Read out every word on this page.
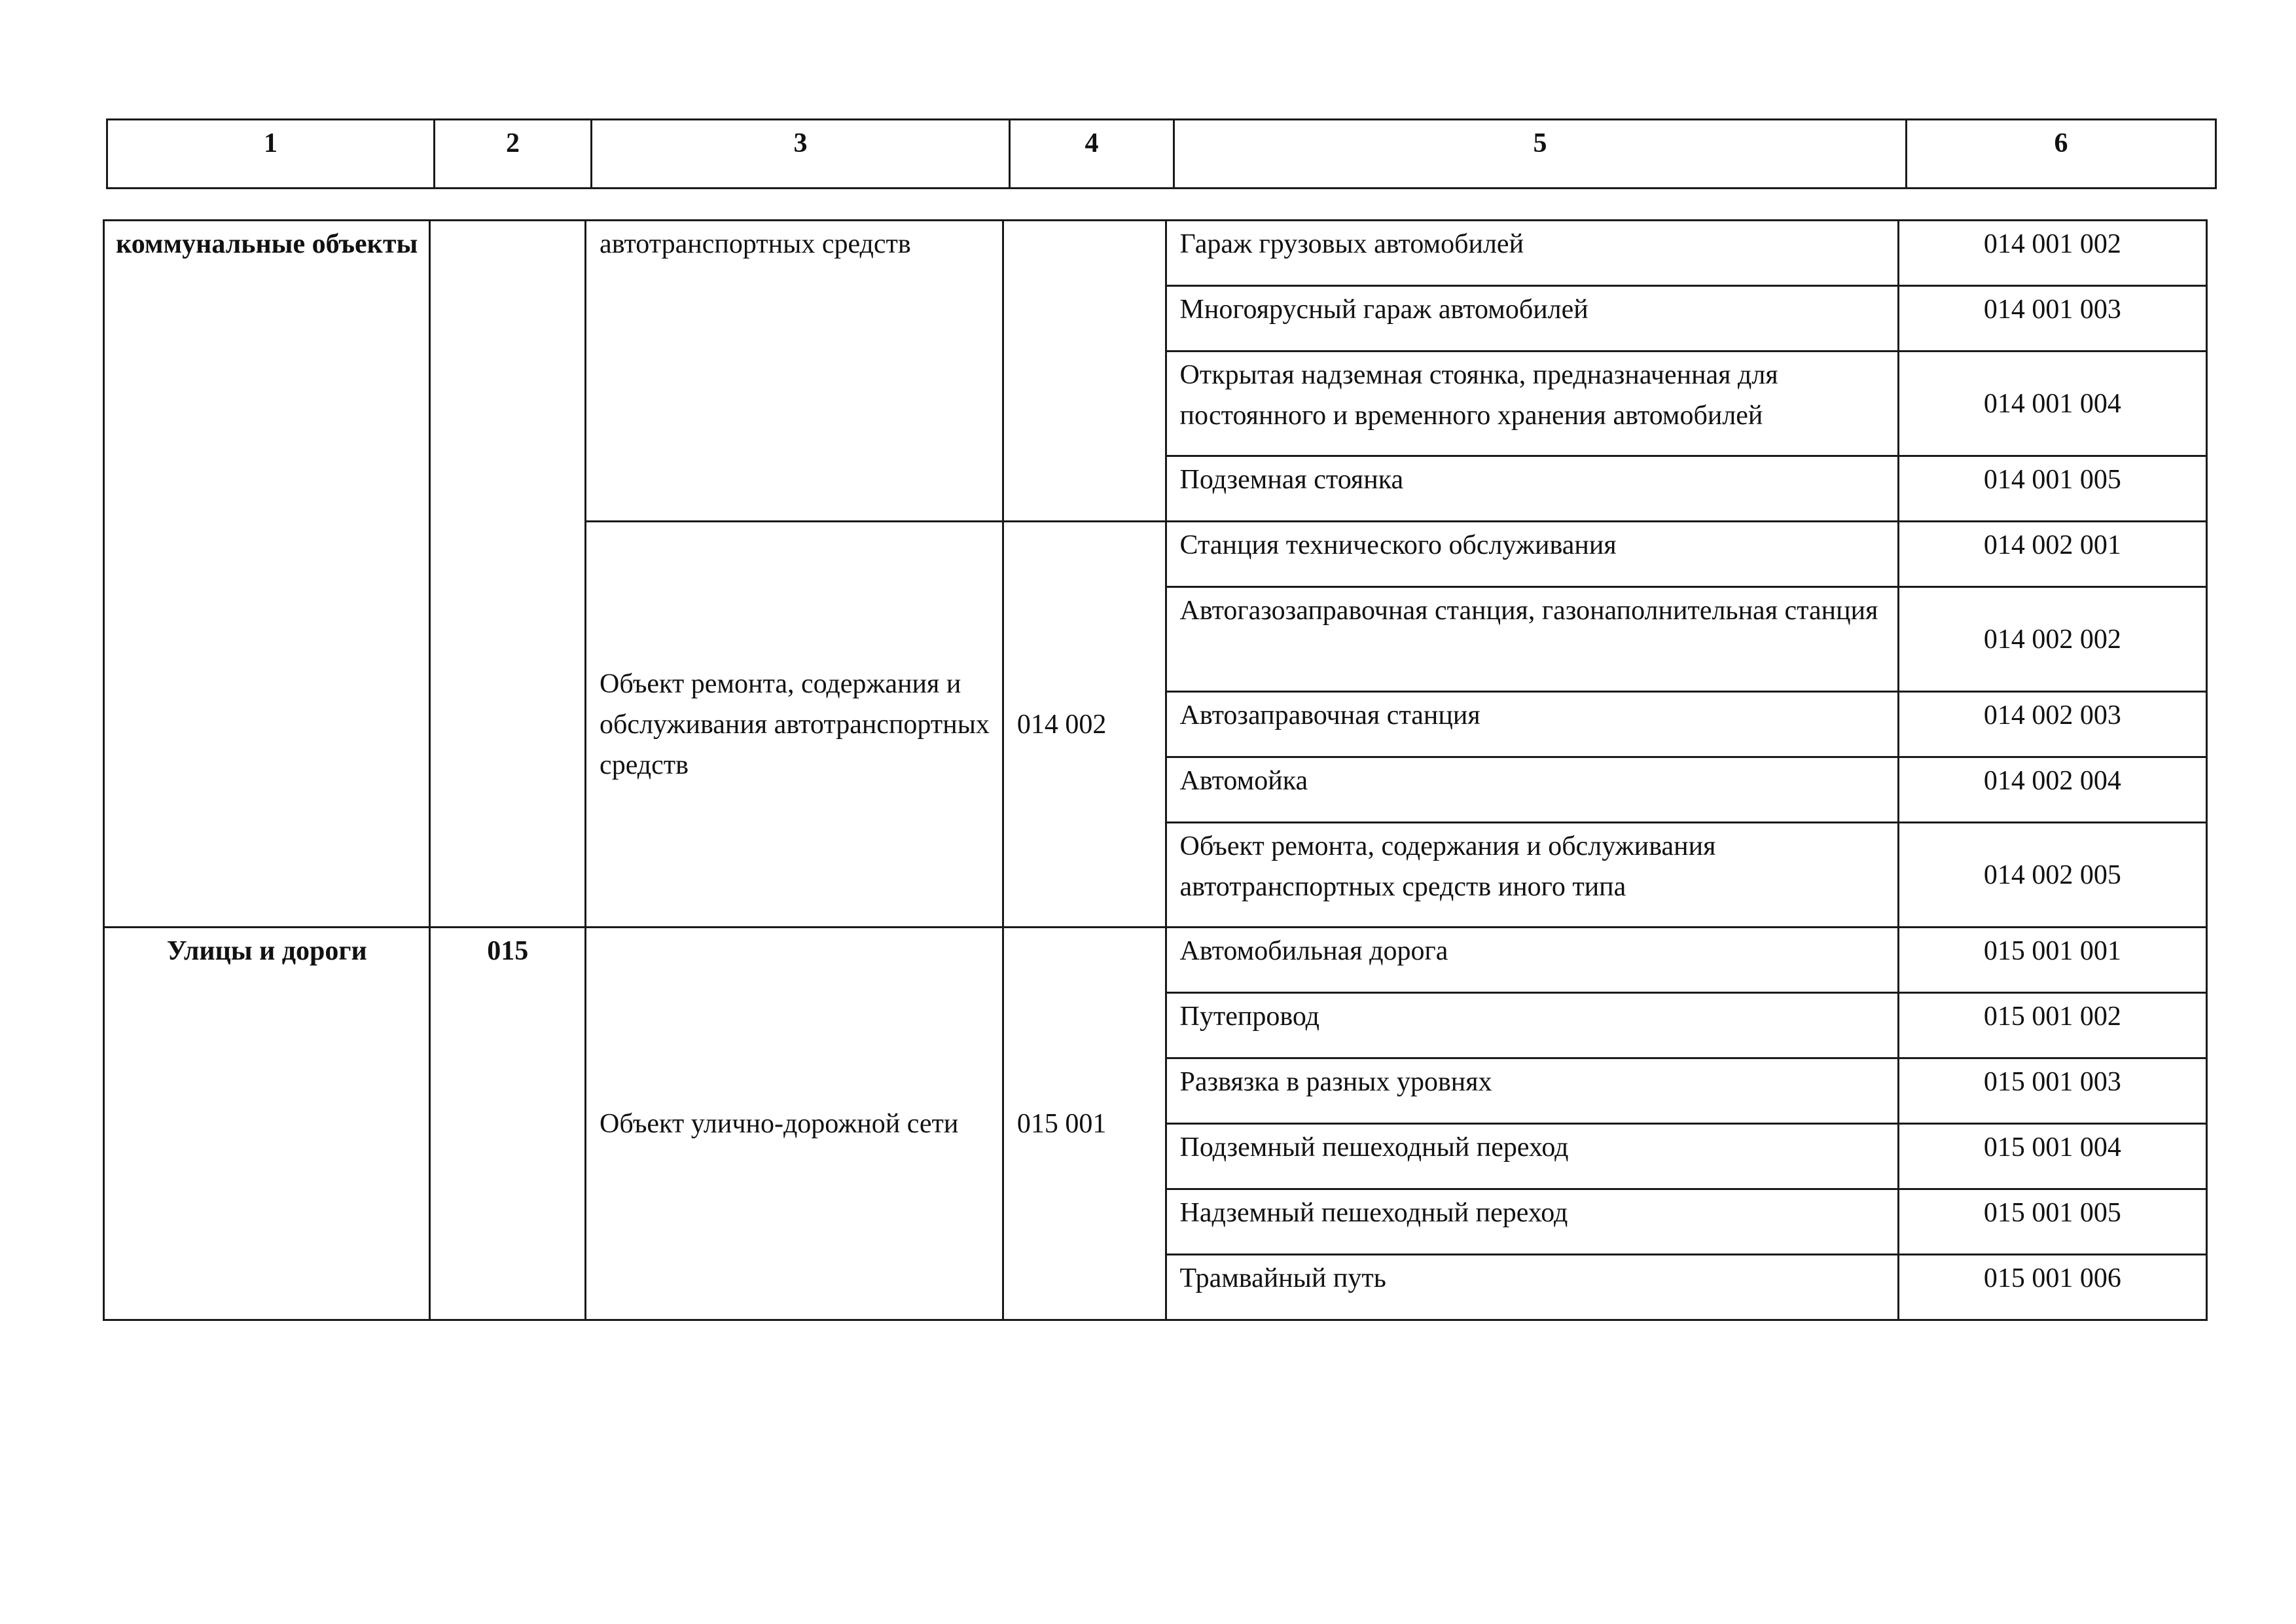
1	2	3	4	5	6
коммунальные объекты		автотранспортных средств		Гараж грузовых автомобилей	014 001 002
				Многоярусный гараж автомобилей	014 001 003
				Открытая надземная стоянка, предназначенная для постоянного и временного хранения автомобилей	014 001 004
				Подземная стоянка	014 001 005
		Объект ремонта, содержания и обслуживания автотранспортных средств	014 002	Станция технического обслуживания	014 002 001
				Автогазозаправочная станция, газонаполнительная станция	014 002 002
				Автозаправочная станция	014 002 003
				Автомойка	014 002 004
				Объект ремонта, содержания и обслуживания автотранспортных средств иного типа	014 002 005
Улицы и дороги	015	Объект улично-дорожной сети	015 001	Автомобильная дорога	015 001 001
				Путепровод	015 001 002
				Развязка в разных уровнях	015 001 003
				Подземный пешеходный переход	015 001 004
				Надземный пешеходный переход	015 001 005
				Трамвайный путь	015 001 006
